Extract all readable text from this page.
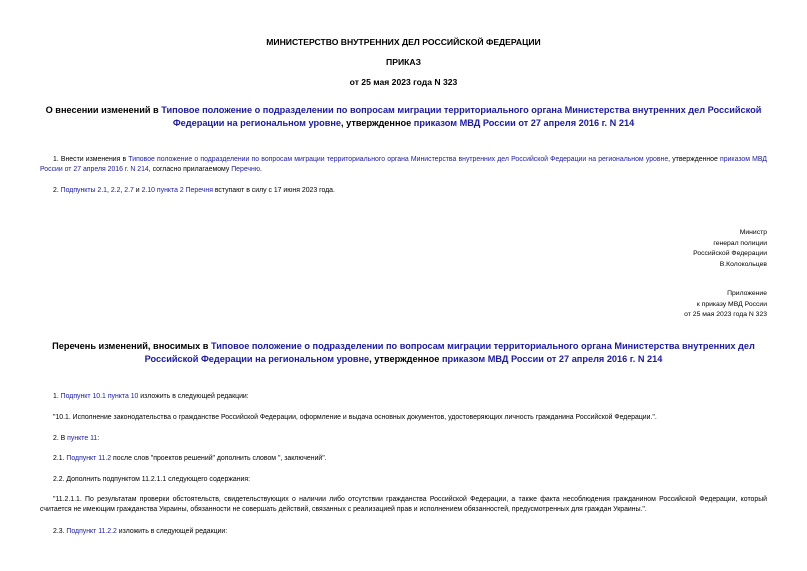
МИНИСТЕРСТВО ВНУТРЕННИХ ДЕЛ РОССИЙСКОЙ ФЕДЕРАЦИИ
ПРИКАЗ
от 25 мая 2023 года N 323
О внесении изменений в Типовое положение о подразделении по вопросам миграции территориального органа Министерства внутренних дел Российской Федерации на региональном уровне, утвержденное приказом МВД России от 27 апреля 2016 г. N 214
1. Внести изменения в Типовое положение о подразделении по вопросам миграции территориального органа Министерства внутренних дел Российской Федерации на региональном уровне, утвержденное приказом МВД России от 27 апреля 2016 г. N 214, согласно прилагаемому Перечню.
2. Подпункты 2.1, 2.2, 2.7 и 2.10 пункта 2 Перечня вступают в силу с 17 июня 2023 года.
Министр
генерал полиции
Российской Федерации
В.Колокольцев
Приложение
к приказу МВД России
от 25 мая 2023 года N 323
Перечень изменений, вносимых в Типовое положение о подразделении по вопросам миграции территориального органа Министерства внутренних дел Российской Федерации на региональном уровне, утвержденное приказом МВД России от 27 апреля 2016 г. N 214
1. Подпункт 10.1 пункта 10 изложить в следующей редакции:
"10.1. Исполнение законодательства о гражданстве Российской Федерации, оформление и выдача основных документов, удостоверяющих личность гражданина Российской Федерации.".
2. В пункте 11:
2.1. Подпункт 11.2 после слов "проектов решений" дополнить словом ", заключений".
2.2. Дополнить подпунктом 11.2.1.1 следующего содержания:
"11.2.1.1. По результатам проверки обстоятельств, свидетельствующих о наличии либо отсутствии гражданства Российской Федерации, а также факта несоблюдения гражданином Российской Федерации, который считается не имеющим гражданства Украины, обязанности не совершать действий, связанных с реализацией прав и исполнением обязанностей, предусмотренных для граждан Украины.".
2.3. Подпункт 11.2.2 изложить в следующей редакции:
